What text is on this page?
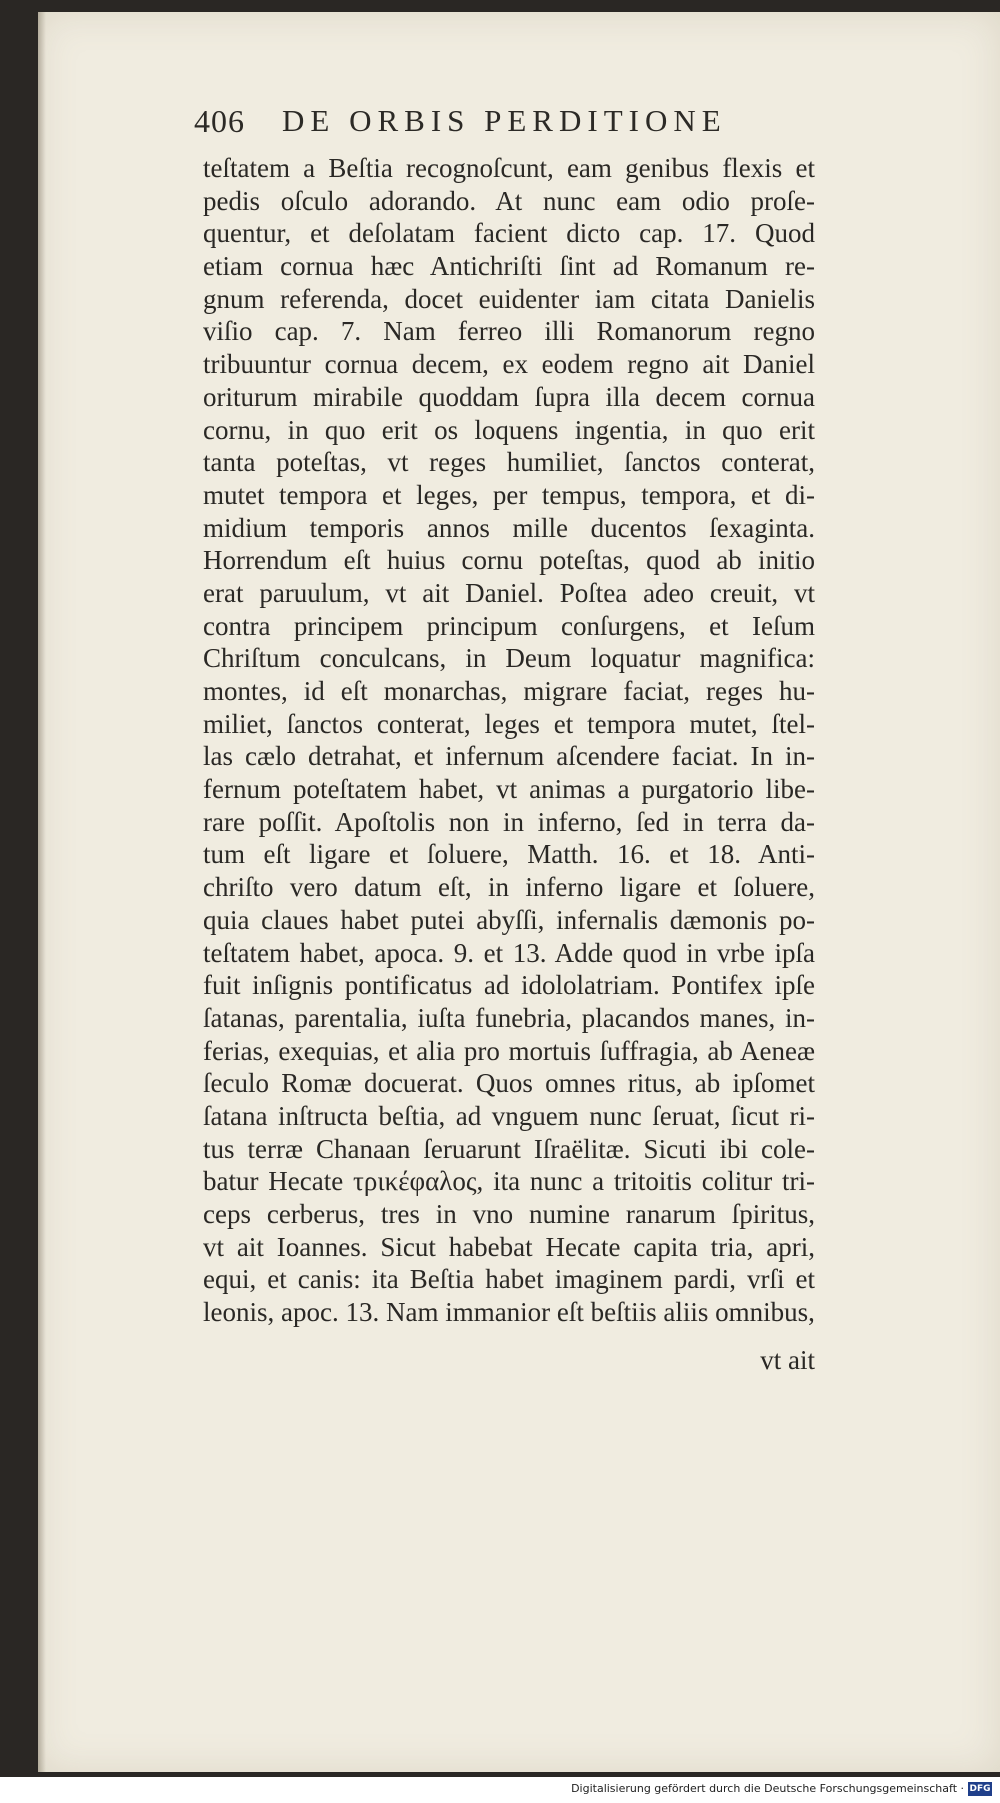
406 DE ORBIS PERDITIONE
teſtatem a Beſtia recognoſcunt, eam genibus flexis et
pedis oſculo adorando. At nunc eam odio proſe-
quentur, et deſolatam facient dicto cap. 17. Quod
etiam cornua hæc Antichriſti ſint ad Romanum re-
gnum referenda, docet euidenter iam citata Danielis
viſio cap. 7. Nam ferreo illi Romanorum regno
tribuuntur cornua decem, ex eodem regno ait Daniel
oriturum mirabile quoddam ſupra illa decem cornua
cornu, in quo erit os loquens ingentia, in quo erit
tanta poteſtas, vt reges humiliet, ſanctos conterat,
mutet tempora et leges, per tempus, tempora, et di-
midium temporis annos mille ducentos ſexaginta.
Horrendum eſt huius cornu poteſtas, quod ab initio
erat paruulum, vt ait Daniel. Poſtea adeo creuit, vt
contra principem principum conſurgens, et Ieſum
Chriſtum conculcans, in Deum loquatur magnifica:
montes, id eſt monarchas, migrare faciat, reges hu-
miliet, ſanctos conterat, leges et tempora mutet, ſtel-
las cælo detrahat, et infernum aſcendere faciat. In in-
fernum poteſtatem habet, vt animas a purgatorio libe-
rare poſſit. Apoſtolis non in inferno, ſed in terra da-
tum eſt ligare et ſoluere, Matth. 16. et 18. Anti-
chriſto vero datum eſt, in inferno ligare et ſoluere,
quia claues habet putei abyſſi, infernalis dæmonis po-
teſtatem habet, apoca. 9. et 13. Adde quod in vrbe ipſa
fuit inſignis pontificatus ad idololatriam. Pontifex ipſe
ſatanas, parentalia, iuſta funebria, placandos manes, in-
ferias, exequias, et alia pro mortuis ſuffragia, ab Aeneæ
ſeculo Romæ docuerat. Quos omnes ritus, ab ipſomet
ſatana inſtructa beſtia, ad vnguem nunc ſeruat, ſicut ri-
tus terræ Chanaan ſeruarunt Iſraëlitæ. Sicuti ibi cole-
batur Hecate τρικέφαλος, ita nunc a tritoitis colitur tri-
ceps cerberus, tres in vno numine ranarum ſpiritus,
vt ait Ioannes. Sicut habebat Hecate capita tria, apri,
equi, et canis: ita Beſtia habet imaginem pardi, vrſi et
leonis, apoc. 13. Nam immanior eſt beſtiis aliis omnibus,
vt ait
Digitalisierung gefördert durch die Deutsche Forschungsgemeinschaft · DFG
